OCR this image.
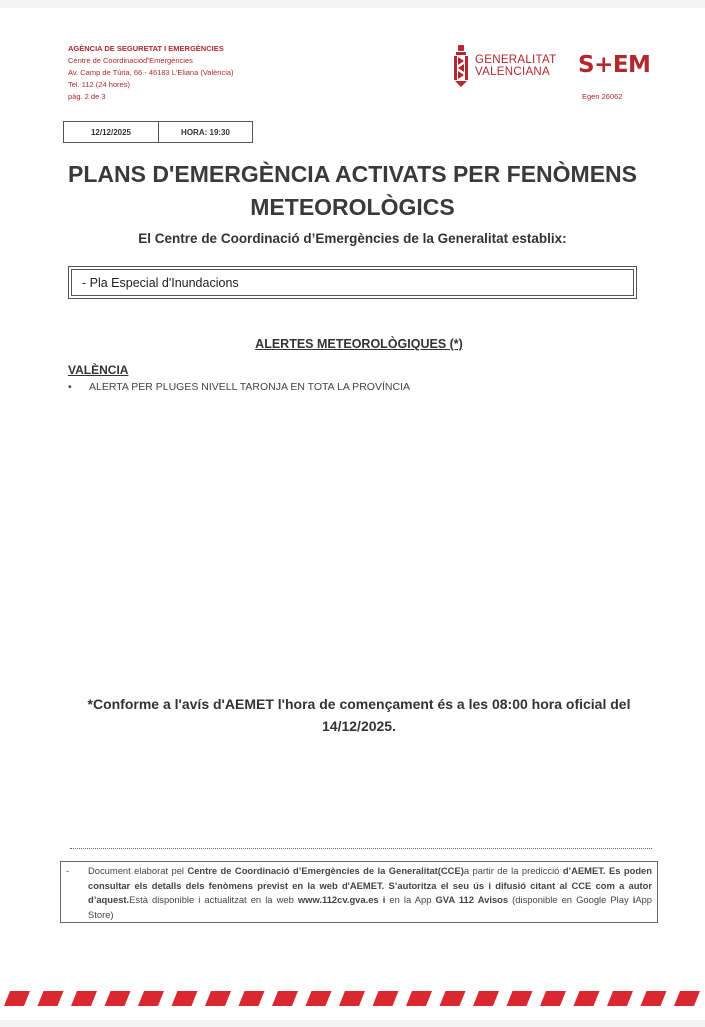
AGÈNCIA DE SEGURETAT I EMERGÈNCIES
Centre de Coordinacióď'Emergències
Av. Camp de Túria, 66 - 46183 L'Eliana (València)
Tel. 112 (24 hores)
pàg. 2 de 3
GENERALITAT
VALENCIANA S+EM
Egen 26062
12/12/2025	HORA: 19:30
PLANS D'EMERGÈNCIA ACTIVATS PER FENÒMENS
METEOROLÒGICS
El Centre de Coordinació d’Emergències de la Generalitat establix:
- Pla Especial d'Inundacions
ALERTES METEOROLÒGIQUES (*)
VALÈNCIA
•	ALERTA PER PLUGES NIVELL TARONJA EN TOTA LA PROVÍNCIA
*Conforme a l'avís d'AEMET l'hora de començament és a les 08:00 hora oficial del
14/12/2025.
-	Document elaborat pel Centre de Coordinació d’Emergències de la Generalitat(CCE)a partir de la predicció d’AEMET. Es poden consultar els detalls dels fenòmens previst en la web d'AEMET. S’autoritza el seu ús i difusió citant al CCE com a autor d’aquest.Està disponible i actualitzat en la web www.112cv.gva.es i en la App GVA 112 Avisos (disponible en Google Play iApp Store)
